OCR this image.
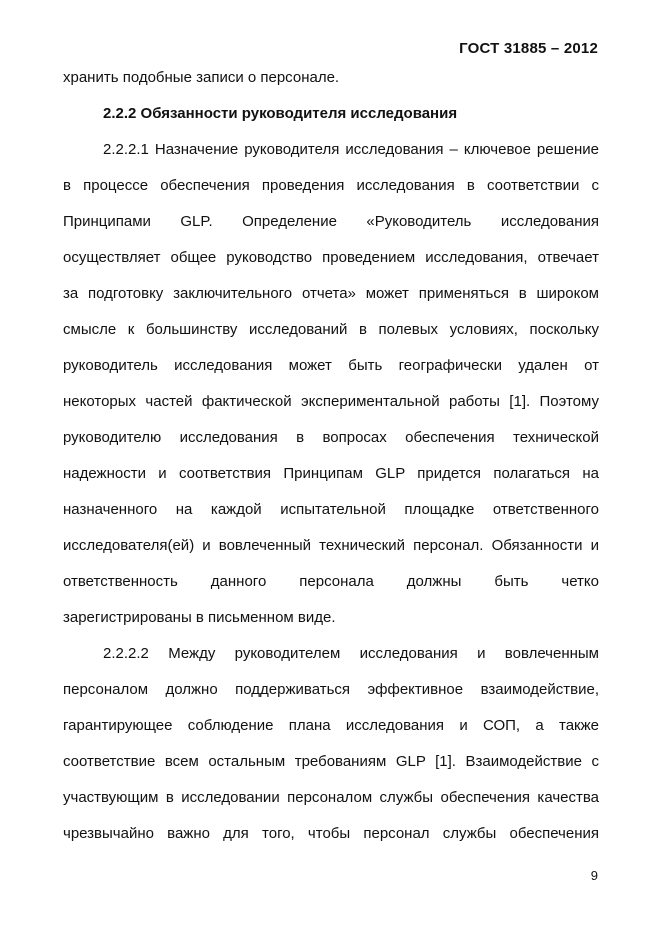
ГОСТ 31885 – 2012
хранить подобные записи о персонале.
2.2.2 Обязанности руководителя исследования
2.2.2.1 Назначение руководителя исследования – ключевое решение
в процессе обеспечения проведения исследования в соответствии с
Принципами GLP. Определение «Руководитель исследования
осуществляет общее руководство проведением исследования, отвечает
за подготовку заключительного отчета» может применяться в широком
смысле к большинству исследований в полевых условиях, поскольку
руководитель исследования может быть географически удален от
некоторых частей фактической экспериментальной работы [1]. Поэтому
руководителю исследования в вопросах обеспечения технической
надежности и соответствия Принципам GLP придется полагаться на
назначенного на каждой испытательной площадке ответственного
исследователя(ей) и вовлеченный технический персонал. Обязанности и
ответственность данного персонала должны быть четко
зарегистрированы в письменном виде.
2.2.2.2 Между руководителем исследования и вовлеченным
персоналом должно поддерживаться эффективное взаимодействие,
гарантирующее соблюдение плана исследования и СОП, а также
соответствие всем остальным требованиям GLP [1]. Взаимодействие с
участвующим в исследовании персоналом службы обеспечения качества
чрезвычайно важно для того, чтобы персонал службы обеспечения
9
